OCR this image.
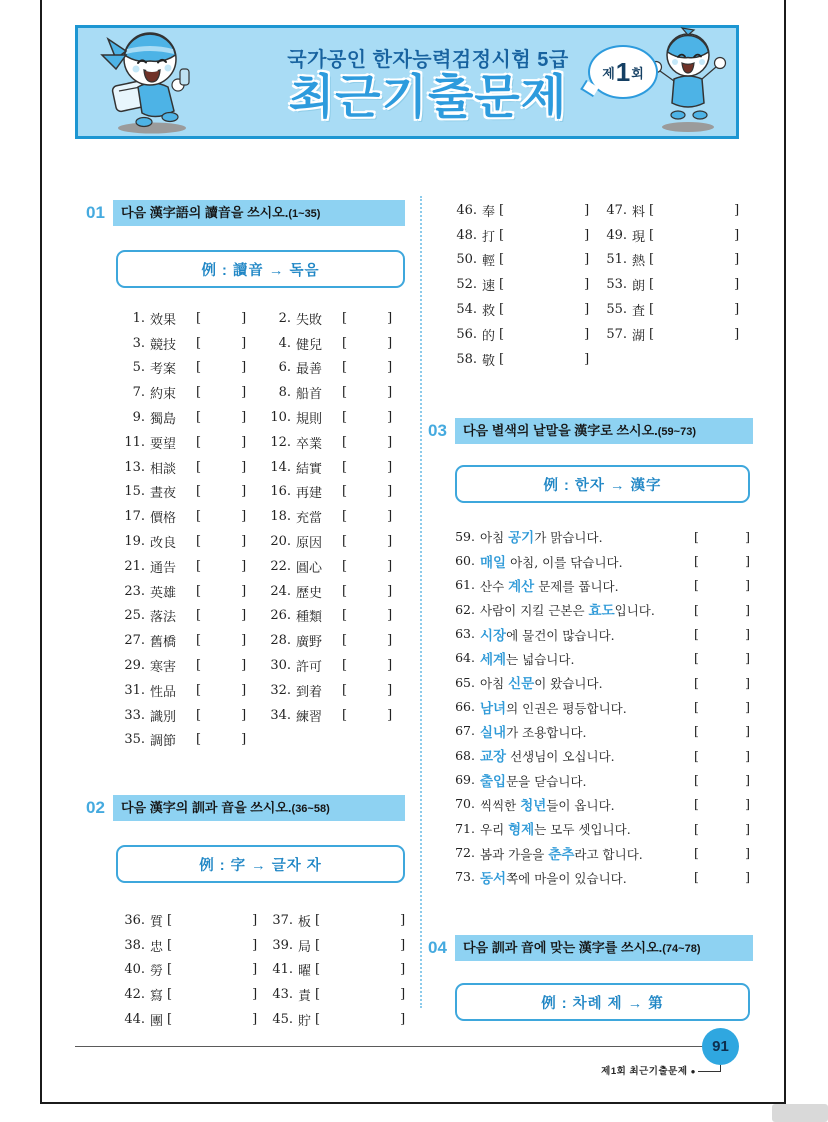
국가공인 한자능력검정시험 5급
최근기출문제	제 1 회
01	다음 漢字語의 讀音을 쓰시오.(1~35)
例 : 讀音 → 독음
1. 效果	[	]	2. 失敗	[	]
3. 競技	[	]	4. 健兒	[	]
5. 考案	[	]	6. 最善	[	]
7. 約束	[	]	8. 船首	[	]
9. 獨島	[	]	10. 規則	[	]
11. 要望	[	]	12. 卒業	[	]
13. 相談	[	]	14. 結實	[	]
15. 晝夜	[	]	16. 再建	[	]
17. 價格	[	]	18. 充當	[	]
19. 改良	[	]	20. 原因	[	]
21. 通告	[	]	22. 圓心	[	]
23. 英雄	[	]	24. 歷史	[	]
25. 落法	[	]	26. 種類	[	]
27. 舊橋	[	]	28. 廣野	[	]
29. 寒害	[	]	30. 許可	[	]
31. 性品	[	]	32. 到着	[	]
33. 識別	[	]	34. 練習	[	]
35. 調節	[	]
02	다음 漢字의 訓과 音을 쓰시오.(36~58)
例 : 字 → 글자 자
36. 質 [	]	37. 板 [	]
38. 忠 [	]	39. 局 [	]
40. 勞 [	]	41. 曜 [	]
42. 寫 [	]	43. 責 [	]
44. 團 [	]	45. 貯 [	]
46. 奉 [	]	47. 料 [	]
48. 打 [	]	49. 現 [	]
50. 輕 [	]	51. 熱 [	]
52. 速 [	]	53. 朗 [	]
54. 救 [	]	55. 査 [	]
56. 的 [	]	57. 湖 [	]
58. 敬 [	]
03	다음 별색의 낱말을 漢字로 쓰시오.(59~73)
例 : 한자 → 漢字
59. 아침 공기가 맑습니다.	[	]
60. 매일 아침, 이를 닦습니다.	[	]
61. 산수 계산 문제를 풉니다.	[	]
62. 사람이 지킬 근본은 효도입니다.	[	]
63. 시장에 물건이 많습니다.	[	]
64. 세계는 넓습니다.	[	]
65. 아침 신문이 왔습니다.	[	]
66. 남녀의 인권은 평등합니다.	[	]
67. 실내가 조용합니다.	[	]
68. 교장 선생님이 오십니다.	[	]
69. 출입문을 닫습니다.	[	]
70. 씩씩한 청년들이 옵니다.	[	]
71. 우리 형제는 모두 셋입니다.	[	]
72. 봄과 가을을 춘추라고 합니다.	[	]
73. 동서쪽에 마을이 있습니다.	[	]
04	다음 訓과 音에 맞는 漢字를 쓰시오.(74~78)
例 : 차례 제 → 第
91
제1회 최근기출문제 ●
